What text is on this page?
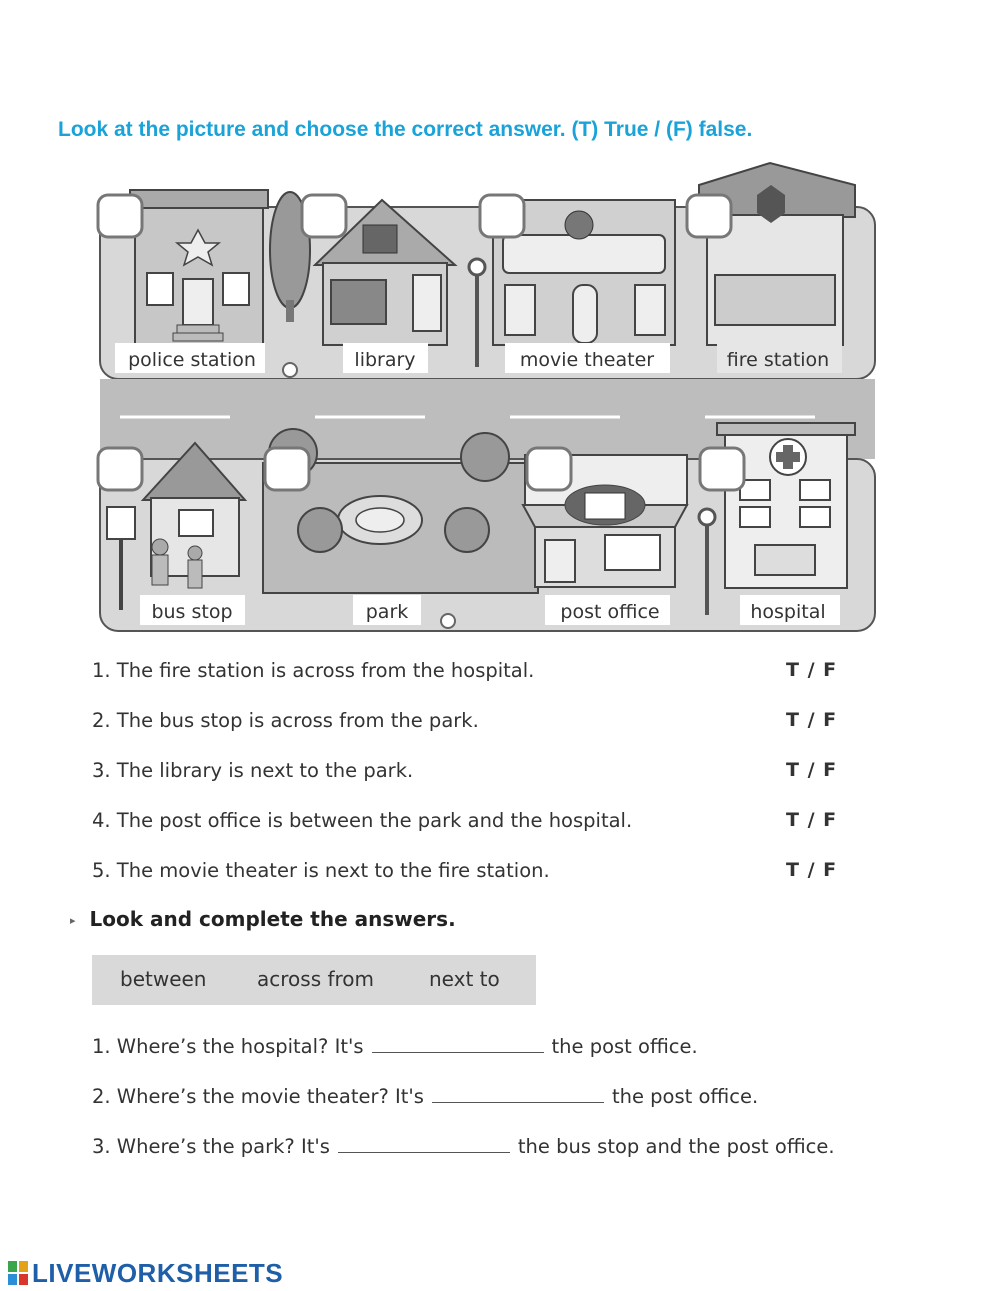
Look at the picture and choose the correct answer. (T) True / (F) false.
police station	library	movie theater	fire station
bus stop	park	post office	hospital
1. The fire station is across from the hospital.	T / F
2. The bus stop is across from the park.	T / F
3. The library is next to the park.	T / F
4. The post office is between the park and the hospital.	T / F
5. The movie theater is next to the fire station.	T / F
▸ Look and complete the answers.
between	across from	next to
1. Where’s the hospital? It's	the post office.
2. Where’s the movie theater? It's	the post office.
3. Where’s the park? It's	the bus stop and the post office.
LIVEWORKSHEETS
